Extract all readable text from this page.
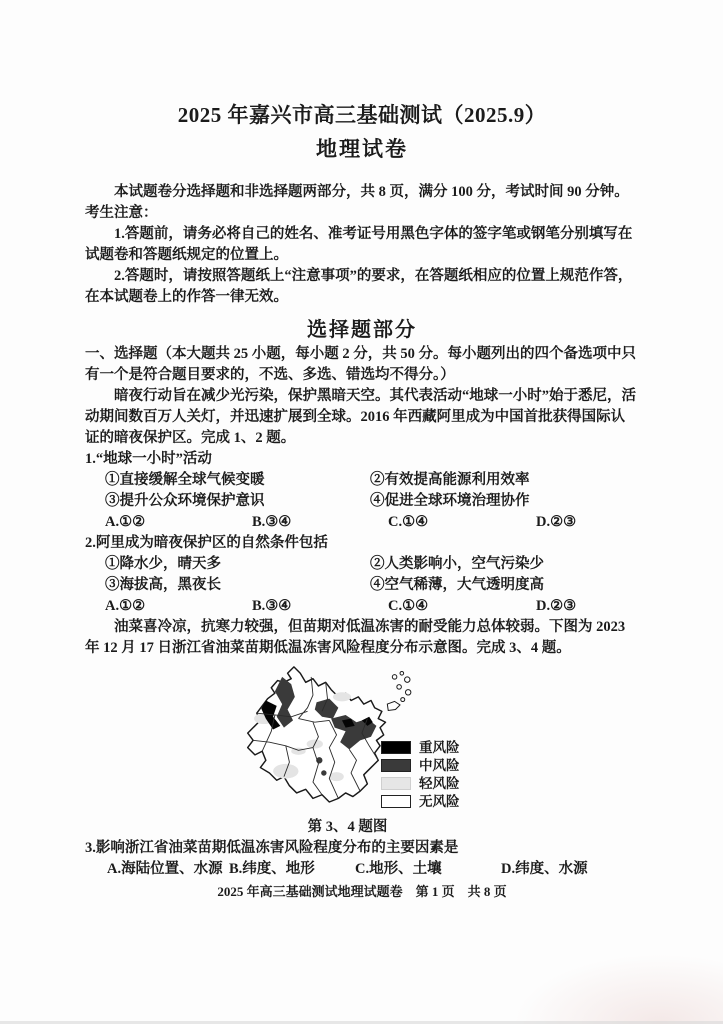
2025 年嘉兴市高三基础测试（2025.9）
地理试卷

本试题卷分选择题和非选择题两部分，共 8 页，满分 100 分，考试时间 90 分钟。

考生注意：

1.答题前，请务必将自己的姓名、准考证号用黑色字体的签字笔或钢笔分别填写在试题卷和答题纸规定的位置上。

2.答题时，请按照答题纸上“注意事项”的要求，在答题纸相应的位置上规范作答，在本试题卷上的作答一律无效。

选择题部分

一、选择题（本大题共 25 小题，每小题 2 分，共 50 分。每小题列出的四个备选项中只有一个是符合题目要求的，不选、多选、错选均不得分。）

暗夜行动旨在减少光污染，保护黑暗天空。其代表活动“地球一小时”始于悉尼，活动期间数百万人关灯，并迅速扩展到全球。2016 年西藏阿里成为中国首批获得国际认证的暗夜保护区。完成 1、2 题。

1.“地球一小时”活动

①直接缓解全球气候变暖	②有效提高能源利用效率
③提升公众环境保护意识	④促进全球环境治理协作
A.①②	B.③④	C.①④	D.②③

2.阿里成为暗夜保护区的自然条件包括

①降水少，晴天多	②人类影响小，空气污染少
③海拔高，黑夜长	④空气稀薄，大气透明度高
A.①②	B.③④	C.①④	D.②③

油菜喜冷凉，抗寒力较强，但苗期对低温冻害的耐受能力总体较弱。下图为 2023 年 12 月 17 日浙江省油菜苗期低温冻害风险程度分布示意图。完成 3、4 题。

重风险
中风险
轻风险
无风险
第 3、4 题图

3.影响浙江省油菜苗期低温冻害风险程度分布的主要因素是

A.海陆位置、水源 B.纬度、地形	C.地形、土壤	D.纬度、水源
2025 年高三基础测试地理试题卷　第 1 页　共 8 页
